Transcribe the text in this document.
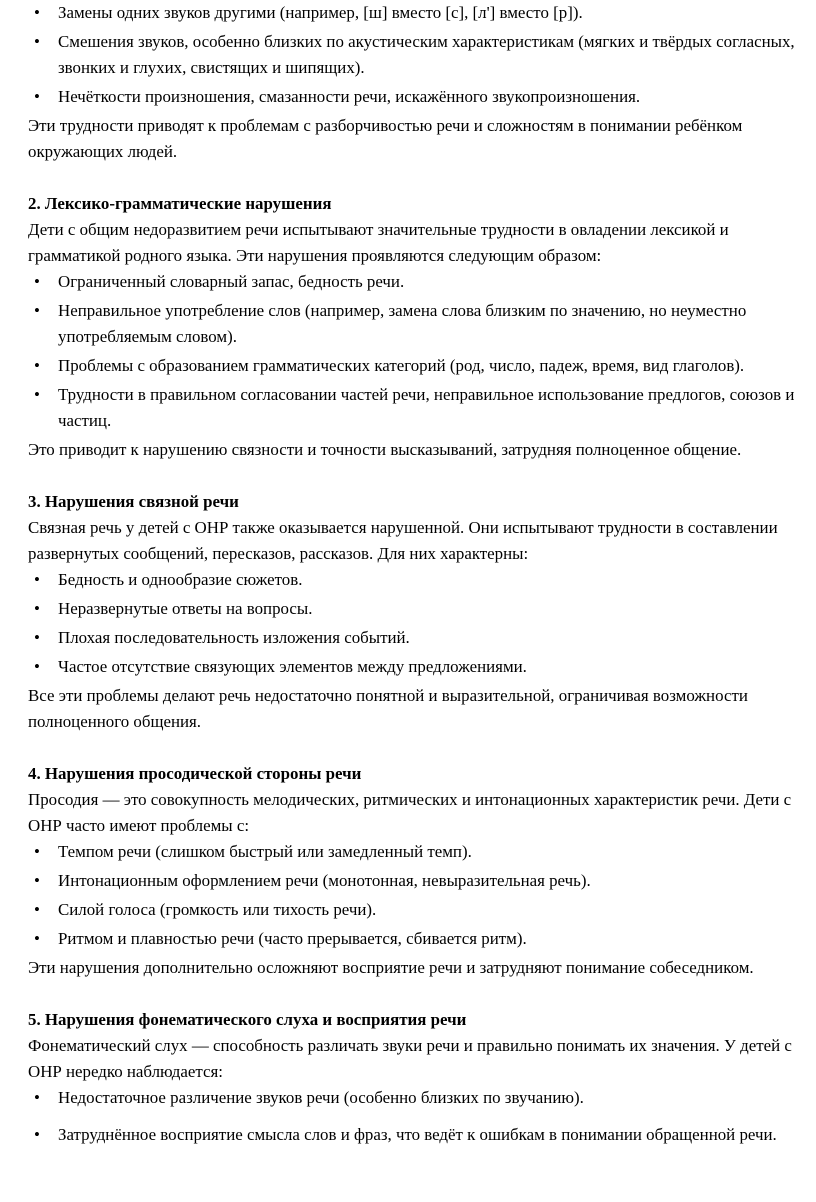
• Замены одних звуков другими (например, [ш] вместо [с], [л'] вместо [р]).
• Смешения звуков, особенно близких по акустическим характеристикам (мягких и твёрдых согласных, звонких и глухих, свистящих и шипящих).
• Нечёткости произношения, смазанности речи, искажённого звукопроизношения.

Эти трудности приводят к проблемам с разборчивостью речи и сложностям в понимании ребёнком окружающих людей.

2. Лексико-грамматические нарушения

Дети с общим недоразвитием речи испытывают значительные трудности в овладении лексикой и грамматикой родного языка. Эти нарушения проявляются следующим образом:

• Ограниченный словарный запас, бедность речи.
• Неправильное употребление слов (например, замена слова близким по значению, но неуместно употребляемым словом).
• Проблемы с образованием грамматических категорий (род, число, падеж, время, вид глаголов).
• Трудности в правильном согласовании частей речи, неправильное использование предлогов, союзов и частиц.

Это приводит к нарушению связности и точности высказываний, затрудняя полноценное общение.

3. Нарушения связной речи

Связная речь у детей с ОНР также оказывается нарушенной. Они испытывают трудности в составлении развернутых сообщений, пересказов, рассказов. Для них характерны:

• Бедность и однообразие сюжетов.
• Неразвернутые ответы на вопросы.
• Плохая последовательность изложения событий.
• Частое отсутствие связующих элементов между предложениями.

Все эти проблемы делают речь недостаточно понятной и выразительной, ограничивая возможности полноценного общения.

4. Нарушения просодической стороны речи

Просодия — это совокупность мелодических, ритмических и интонационных характеристик речи. Дети с ОНР часто имеют проблемы с:

• Темпом речи (слишком быстрый или замедленный темп).
• Интонационным оформлением речи (монотонная, невыразительная речь).
• Силой голоса (громкость или тихость речи).
• Ритмом и плавностью речи (часто прерывается, сбивается ритм).

Эти нарушения дополнительно осложняют восприятие речи и затрудняют понимание собеседником.

5. Нарушения фонематического слуха и восприятия речи

Фонематический слух — способность различать звуки речи и правильно понимать их значения. У детей с ОНР нередко наблюдается:

• Недостаточное различение звуков речи (особенно близких по звучанию).
• Затруднённое восприятие смысла слов и фраз, что ведёт к ошибкам в понимании обращенной речи.
